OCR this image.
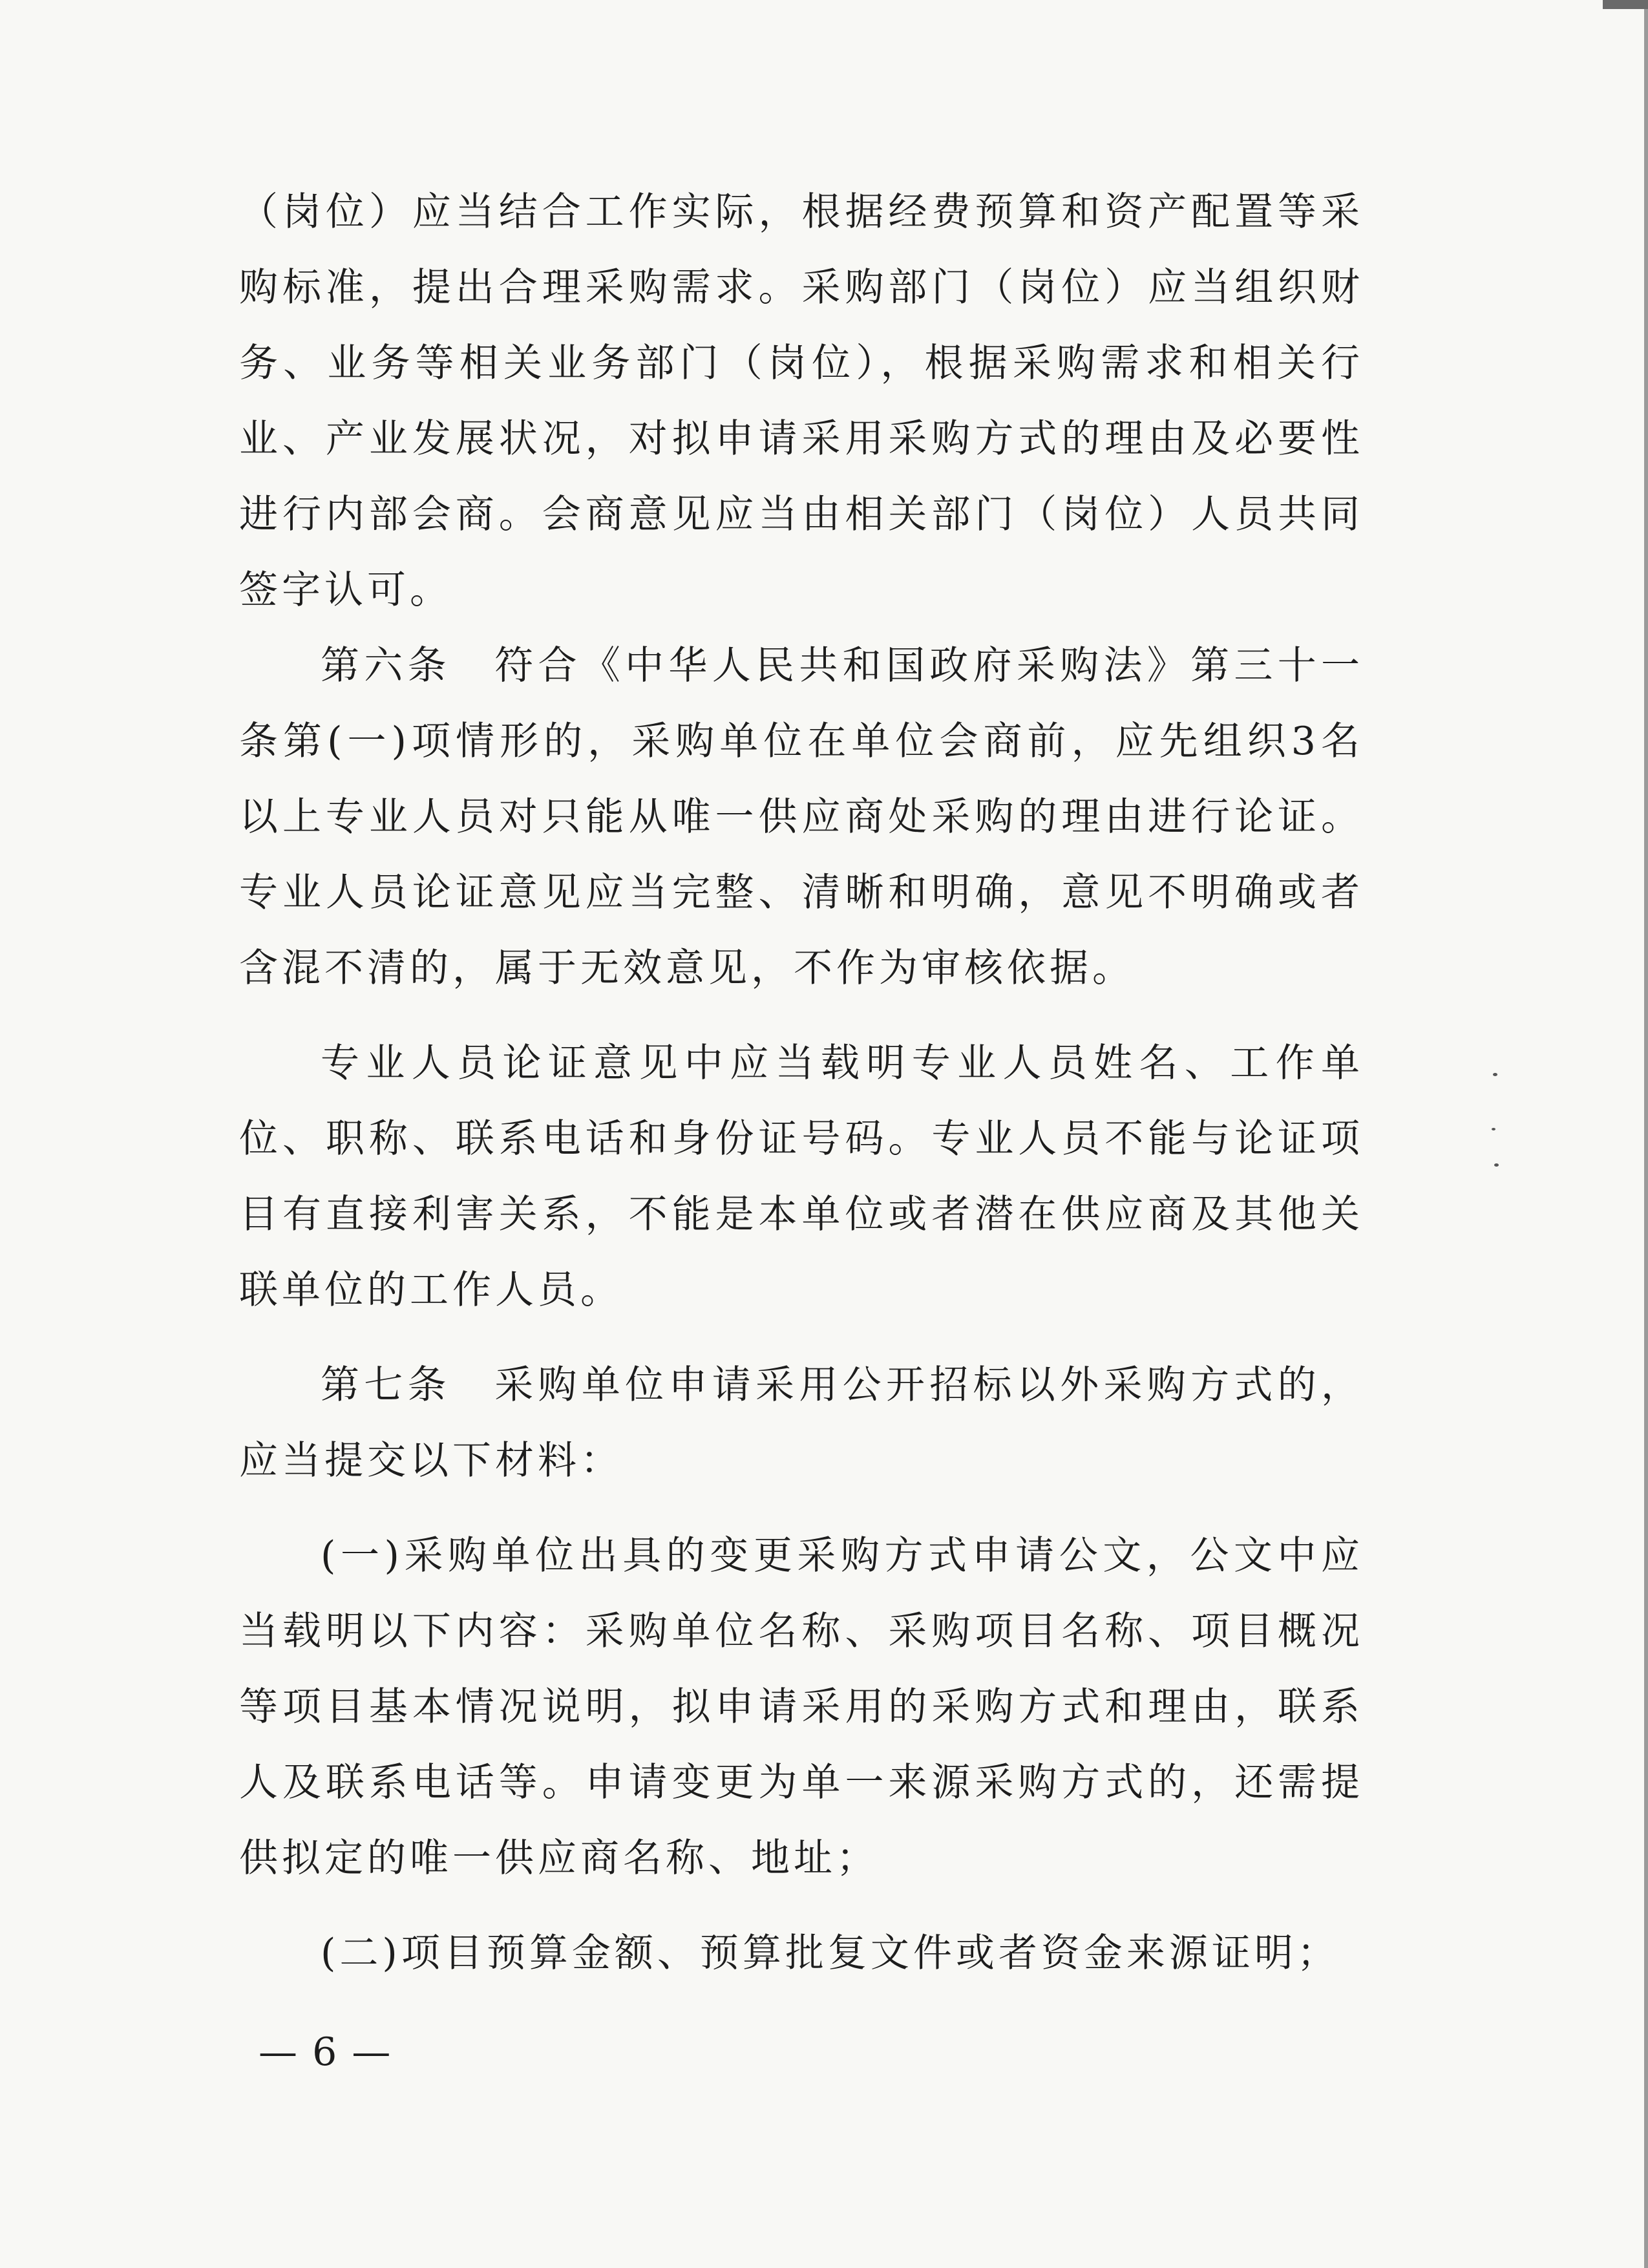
（岗位）应当结合工作实际，根据经费预算和资产配置等采购标准，提出合理采购需求。采购部门（岗位）应当组织财务、业务等相关业务部门（岗位），根据采购需求和相关行业、产业发展状况，对拟申请采用采购方式的理由及必要性进行内部会商。会商意见应当由相关部门（岗位）人员共同签字认可。

第六条　符合《中华人民共和国政府采购法》第三十一条第(一)项情形的，采购单位在单位会商前，应先组织3名以上专业人员对只能从唯一供应商处采购的理由进行论证。专业人员论证意见应当完整、清晰和明确，意见不明确或者含混不清的，属于无效意见，不作为审核依据。

专业人员论证意见中应当载明专业人员姓名、工作单位、职称、联系电话和身份证号码。专业人员不能与论证项目有直接利害关系，不能是本单位或者潜在供应商及其他关联单位的工作人员。

第七条　采购单位申请采用公开招标以外采购方式的，应当提交以下材料：

(一)采购单位出具的变更采购方式申请公文，公文中应当载明以下内容：采购单位名称、采购项目名称、项目概况等项目基本情况说明，拟申请采用的采购方式和理由，联系人及联系电话等。申请变更为单一来源采购方式的，还需提供拟定的唯一供应商名称、地址；

(二)项目预算金额、预算批复文件或者资金来源证明；

— 6 —
